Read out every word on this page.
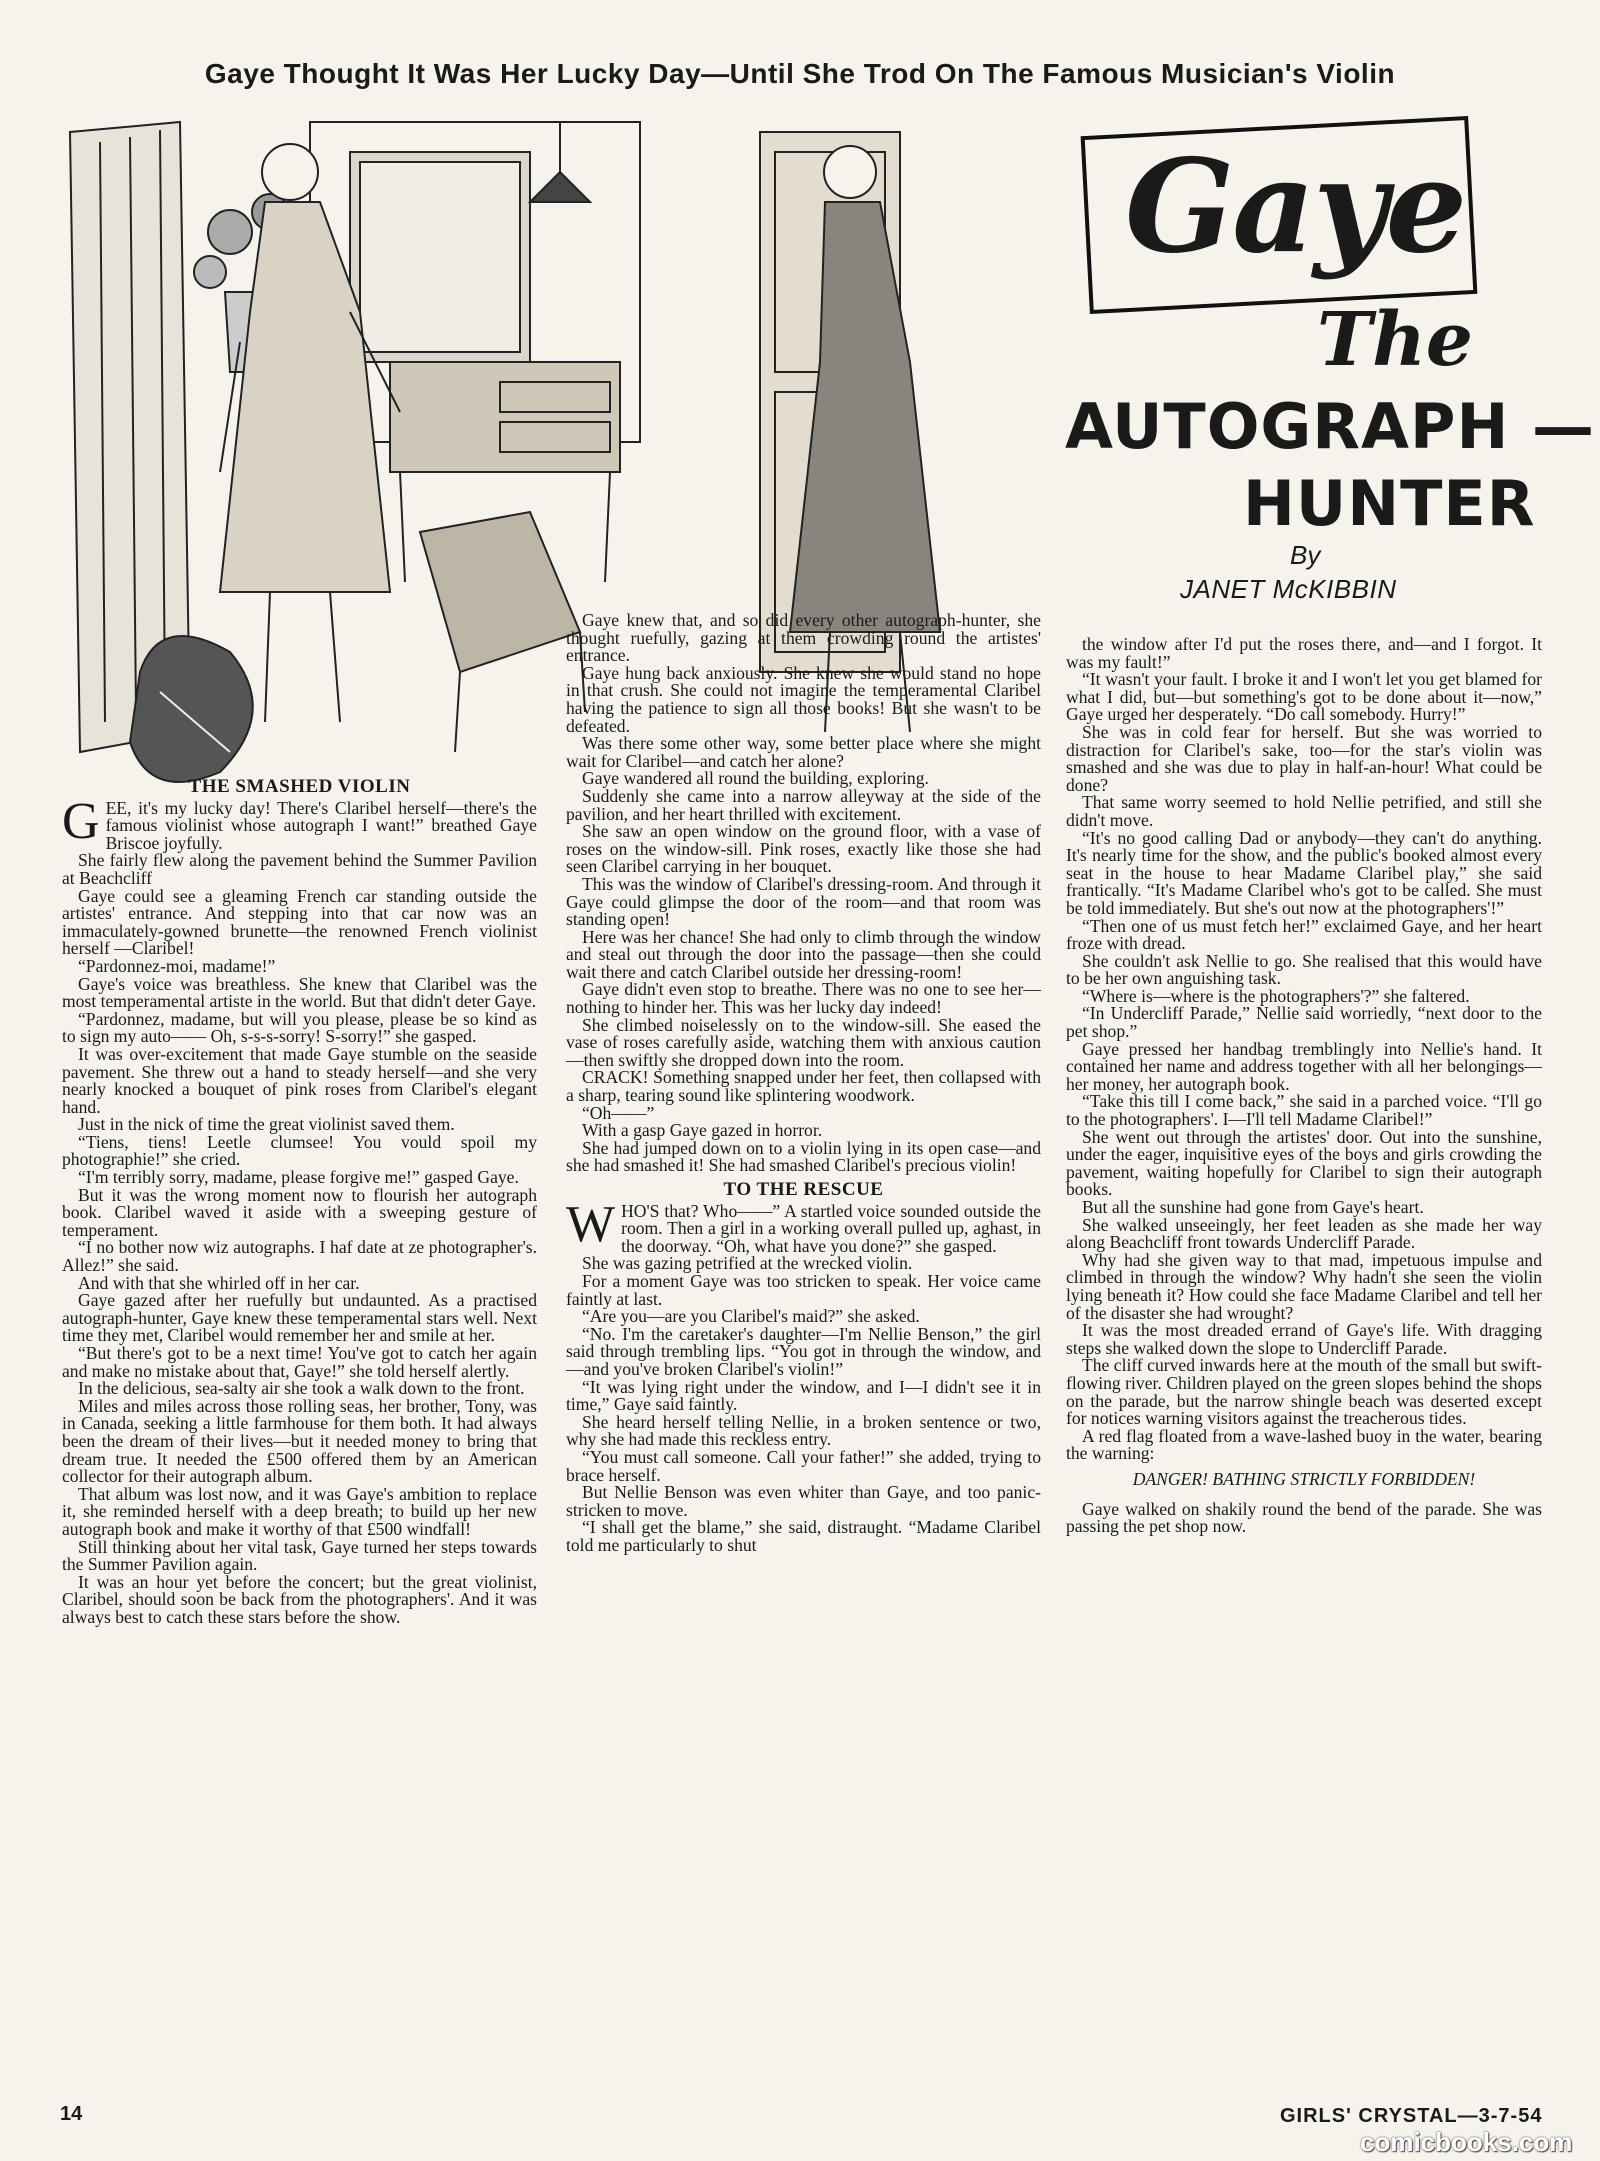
Gaye Thought It Was Her Lucky Day—Until She Trod On The Famous Musician's Violin
Gaye
The
AUTOGRAPH —
HUNTER
By
JANET McKIBBIN
THE SMASHED VIOLIN

GEE, it's my lucky day! There's Claribel herself—there's the famous violinist whose autograph I want!” breathed Gaye Briscoe joyfully.

She fairly flew along the pavement behind the Summer Pavilion at Beachcliff

Gaye could see a gleaming French car standing outside the artistes' entrance. And stepping into that car now was an immaculately-gowned brunette—the renowned French violinist herself —Claribel!

“Pardonnez-moi, madame!”

Gaye's voice was breathless. She knew that Claribel was the most temperamental artiste in the world. But that didn't deter Gaye.

“Pardonnez, madame, but will you please, please be so kind as to sign my auto—— Oh, s-s-s-sorry! S-sorry!” she gasped.

It was over-excitement that made Gaye stumble on the seaside pavement. She threw out a hand to steady herself—and she very nearly knocked a bouquet of pink roses from Claribel's elegant hand.

Just in the nick of time the great violinist saved them.

“Tiens, tiens! Leetle clumsee! You vould spoil my photographie!” she cried.

“I'm terribly sorry, madame, please forgive me!” gasped Gaye.

But it was the wrong moment now to flourish her autograph book. Claribel waved it aside with a sweeping gesture of temperament.

“I no bother now wiz autographs. I haf date at ze photographer's. Allez!” she said.

And with that she whirled off in her car.

Gaye gazed after her ruefully but undaunted. As a practised autograph-hunter, Gaye knew these temperamental stars well. Next time they met, Claribel would remember her and smile at her.

“But there's got to be a next time! You've got to catch her again and make no mistake about that, Gaye!” she told herself alertly.

In the delicious, sea-salty air she took a walk down to the front.

Miles and miles across those rolling seas, her brother, Tony, was in Canada, seeking a little farmhouse for them both. It had always been the dream of their lives—but it needed money to bring that dream true. It needed the £500 offered them by an American collector for their autograph album.

That album was lost now, and it was Gaye's ambition to replace it, she reminded herself with a deep breath; to build up her new autograph book and make it worthy of that £500 windfall!

Still thinking about her vital task, Gaye turned her steps towards the Summer Pavilion again.

It was an hour yet before the concert; but the great violinist, Claribel, should soon be back from the photographers'. And it was always best to catch these stars before the show.

Gaye knew that, and so did every other autograph-hunter, she thought ruefully, gazing at them crowding round the artistes' entrance.

Gaye hung back anxiously. She knew she would stand no hope in that crush. She could not imagine the temperamental Claribel having the patience to sign all those books! But she wasn't to be defeated.

Was there some other way, some better place where she might wait for Claribel—and catch her alone?

Gaye wandered all round the building, exploring.

Suddenly she came into a narrow alleyway at the side of the pavilion, and her heart thrilled with excitement.

She saw an open window on the ground floor, with a vase of roses on the window-sill. Pink roses, exactly like those she had seen Claribel carrying in her bouquet.

This was the window of Claribel's dressing-room. And through it Gaye could glimpse the door of the room—and that room was standing open!

Here was her chance! She had only to climb through the window and steal out through the door into the passage—then she could wait there and catch Claribel outside her dressing-room!

Gaye didn't even stop to breathe. There was no one to see her—nothing to hinder her. This was her lucky day indeed!

She climbed noiselessly on to the window-sill. She eased the vase of roses carefully aside, watching them with anxious caution—then swiftly she dropped down into the room.

CRACK! Something snapped under her feet, then collapsed with a sharp, tearing sound like splintering woodwork.

“Oh——”

With a gasp Gaye gazed in horror.

She had jumped down on to a violin lying in its open case—and she had smashed it! She had smashed Claribel's precious violin!

TO THE RESCUE

WHO'S that? Who——” A startled voice sounded outside the room. Then a girl in a working overall pulled up, aghast, in the doorway. “Oh, what have you done?” she gasped.

She was gazing petrified at the wrecked violin.

For a moment Gaye was too stricken to speak. Her voice came faintly at last.

“Are you—are you Claribel's maid?” she asked.

“No. I'm the caretaker's daughter—I'm Nellie Benson,” the girl said through trembling lips. “You got in through the window, and —and you've broken Claribel's violin!”

“It was lying right under the window, and I—I didn't see it in time,” Gaye said faintly.

She heard herself telling Nellie, in a broken sentence or two, why she had made this reckless entry.

“You must call someone. Call your father!” she added, trying to brace herself.

But Nellie Benson was even whiter than Gaye, and too panic-stricken to move.

“I shall get the blame,” she said, distraught. “Madame Claribel told me particularly to shut

the window after I'd put the roses there, and—and I forgot. It was my fault!”

“It wasn't your fault. I broke it and I won't let you get blamed for what I did, but—but something's got to be done about it—now,” Gaye urged her desperately. “Do call somebody. Hurry!”

She was in cold fear for herself. But she was worried to distraction for Claribel's sake, too—for the star's violin was smashed and she was due to play in half-an-hour! What could be done?

That same worry seemed to hold Nellie petrified, and still she didn't move.

“It's no good calling Dad or anybody—they can't do anything. It's nearly time for the show, and the public's booked almost every seat in the house to hear Madame Claribel play,” she said frantically. “It's Madame Claribel who's got to be called. She must be told immediately. But she's out now at the photographers'!”

“Then one of us must fetch her!” exclaimed Gaye, and her heart froze with dread.

She couldn't ask Nellie to go. She realised that this would have to be her own anguishing task.

“Where is—where is the photographers'?” she faltered.

“In Undercliff Parade,” Nellie said worriedly, “next door to the pet shop.”

Gaye pressed her handbag tremblingly into Nellie's hand. It contained her name and address together with all her belongings—her money, her autograph book.

“Take this till I come back,” she said in a parched voice. “I'll go to the photographers'. I—I'll tell Madame Claribel!”

She went out through the artistes' door. Out into the sunshine, under the eager, inquisitive eyes of the boys and girls crowding the pavement, waiting hopefully for Claribel to sign their autograph books.

But all the sunshine had gone from Gaye's heart.

She walked unseeingly, her feet leaden as she made her way along Beachcliff front towards Undercliff Parade.

Why had she given way to that mad, impetuous impulse and climbed in through the window? Why hadn't she seen the violin lying beneath it? How could she face Madame Claribel and tell her of the disaster she had wrought?

It was the most dreaded errand of Gaye's life. With dragging steps she walked down the slope to Undercliff Parade.

The cliff curved inwards here at the mouth of the small but swift-flowing river. Children played on the green slopes behind the shops on the parade, but the narrow shingle beach was deserted except for notices warning visitors against the treacherous tides.

A red flag floated from a wave-lashed buoy in the water, bearing the warning:

DANGER! BATHING STRICTLY FORBIDDEN!

Gaye walked on shakily round the bend of the parade. She was passing the pet shop now.

14	GIRLS' CRYSTAL—3-7-54
comicbooks.com
